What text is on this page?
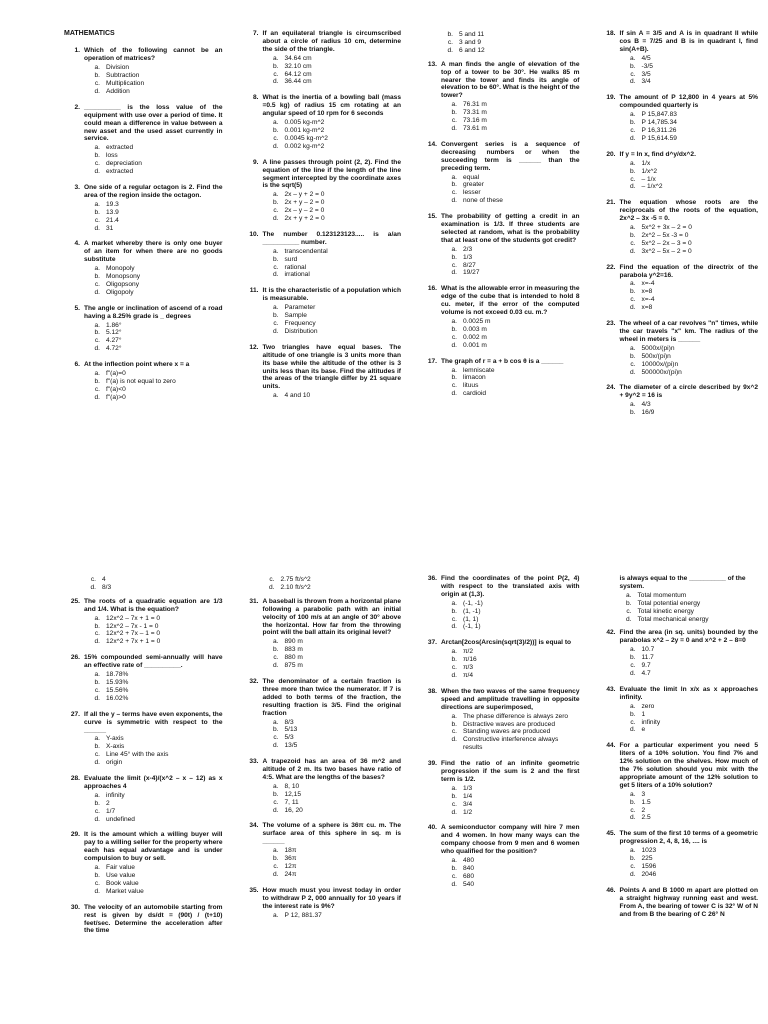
MATHEMATICS
1. Which of the following cannot be an operation of matrices?
a. Division
b. Subtraction
c. Multiplication
d. Addition
2. __________ is the loss value of the equipment with use over a period of time. It could mean a difference in value between a new asset and the used asset currently in service.
a. extracted
b. loss
c. depreciation
d. extracted
3. One side of a regular octagon is 2. Find the area of the region inside the octagon.
a. 19.3
b. 13.9
c. 21.4
d. 31
4. A market whereby there is only one buyer of an item for when there are no goods substitute
a. Monopoly
b. Monopsony
c. Oligopsony
d. Oligopoly
5. The angle or inclination of ascend of a road having a 8.25% grade is _ degrees
a. 1.86°
b. 5.12°
c. 4.27°
d. 4.72°
6. At the inflection point where x = a
a. f"(a)=0
b. f"(a) is not equal to zero
c. f"(a)<0
d. f"(a)>0
7. If an equilateral triangle is circumscribed about a circle of radius 10 cm, determine the side of the triangle.
a. 34.64 cm
b. 32.10 cm
c. 64.12 cm
d. 36.44 cm
8. What is the inertia of a bowling ball (mass =0.5 kg) of radius 15 cm rotating at an angular speed of 10 rpm for 6 seconds
a. 0.005 kg-m^2
b. 0.001 kg-m^2
c. 0.0045 kg-m^2
d. 0.002 kg-m^2
9. A line passes through point (2, 2). Find the equation of the line if the length of the line segment intercepted by the coordinate axes is the sqrt(5)
a. 2x – y + 2 = 0
b. 2x + y – 2 = 0
c. 2x – y – 2 = 0
d. 2x + y + 2 = 0
10. The number 0.123123123..... is a/an __________ number.
a. transcendental
b. surd
c. rational
d. irrational
11. It is the characteristic of a population which is measurable.
a. Parameter
b. Sample
c. Frequency
d. Distribution
12. Two triangles have equal bases. The altitude of one triangle is 3 units more than its base while the altitude of the other is 3 units less than its base. Find the altitudes if the areas of the triangle differ by 21 square units.
a. 4 and 10
b. 5 and 11
c. 3 and 9
d. 6 and 12
13. A man finds the angle of elevation of the top of a tower to be 30°. He walks 85 m nearer the tower and finds its angle of elevation to be 60°. What is the height of the tower?
a. 76.31 m
b. 73.31 m
c. 73.16 m
d. 73.61 m
14. Convergent series is a sequence of decreasing numbers or when the succeeding term is ______ than the preceding term.
a. equal
b. greater
c. lesser
d. none of these
15. The probability of getting a credit in an examination is 1/3. If three students are selected at random, what is the probability that at least one of the students got credit?
a. 2/3
b. 1/3
c. 8/27
d. 19/27
16. What is the allowable error in measuring the edge of the cube that is intended to hold 8 cu. meter, if the error of the computed volume is not exceed 0.03 cu. m.?
a. 0.0025 m
b. 0.003 m
c. 0.002 m
d. 0.001 m
17. The graph of r = a + b cos θ is a ______
a. lemniscate
b. limacon
c. lituus
d. cardioid
18. If sin A = 3/5 and A is in quadrant II while cos B = 7/25 and B is in quadrant I, find sin(A+B).
a. 4/5
b. -3/5
c. 3/5
d. 3/4
19. The amount of P 12,800 in 4 years at 5% compounded quarterly is
a. P 15,847.83
b. P 14,785.34
c. P 16,311.26
d. P 15,614.59
20. If y = ln x, find d^y/dx^2.
a. 1/x
b. 1/x^2
c. – 1/x
d. – 1/x^2
21. The equation whose roots are the reciprocals of the roots of the equation, 2x^2 – 3x -5 = 0.
a. 5x^2 + 3x – 2 = 0
b. 2x^2 – 5x -3 = 0
c. 5x^2 – 2x – 3 = 0
d. 3x^2 – 5x – 2 = 0
22. Find the equation of the directrix of the parabola y^2=16.
a. x=-4
b. x=8
c. x=-4
d. x=8
23. The wheel of a car revolves "n" times, while the car travels "x" km. The radius of the wheel in meters is ______
a. 5000x/(pi)n
b. 500x/(pi)n
c. 10000x/(pi)n
d. 500000x/(pi)n
24. The diameter of a circle described by 9x^2 + 9y^2 = 16 is
a. 4/3
b. 16/9
c. 4
d. 8/3
25. The roots of a quadratic equation are 1/3 and 1/4. What is the equation?
a. 12x^2 – 7x + 1 = 0
b. 12x^2 – 7x - 1 = 0
c. 12x^2 + 7x – 1 = 0
d. 12x^2 + 7x + 1 = 0
26. 15% compounded semi-annually will have an effective rate of __________.
a. 18.78%
b. 15.93%
c. 15.56%
d. 16.02%
27. If all the y – terms have even exponents, the curve is symmetric with respect to the ______
a. Y-axis
b. X-axis
c. Line 45° with the axis
d. origin
28. Evaluate the limit (x-4)/(x^2 – x – 12) as x approaches 4
a. infinity
b. 2
c. 1/7
d. undefined
29. It is the amount which a willing buyer will pay to a willing seller for the property where each has equal advantage and is under compulsion to buy or sell.
a. Fair value
b. Use value
c. Book value
d. Market value
30. The velocity of an automobile starting from rest is given by ds/dt = (90t) / (t+10) feet/sec. Determine the acceleration after the time
c. 2.75 ft/s^2
d. 2.10 ft/s^2
31. A baseball is thrown from a horizontal plane following a parabolic path with an initial velocity of 100 m/s at an angle of 30° above the horizontal. How far from the throwing point will the ball attain its original level?
a. 890 m
b. 883 m
c. 880 m
d. 875 m
32. The denominator of a certain fraction is three more than twice the numerator. If 7 is added to both terms of the fraction, the resulting fraction is 3/5. Find the original fraction
a. 8/3
b. 5/13
c. 5/3
d. 13/5
33. A trapezoid has an area of 36 m^2 and altitude of 2 m. Its two bases have ratio of 4:5. What are the lengths of the bases?
a. 8, 10
b. 12,15
c. 7, 11
d. 16, 20
34. The volume of a sphere is 36π cu. m. The surface area of this sphere in sq. m is ______
a. 18π
b. 36π
c. 12π
d. 24π
35. How much must you invest today in order to withdraw P 2, 000 annually for 10 years if the interest rate is 9%?
a. P 12, 881.37
36. Find the coordinates of the point P(2, 4) with respect to the translated axis with origin at (1,3).
a. (-1, -1)
b. (1, -1)
c. (1, 1)
d. (-1, 1)
37. Arctan[2cos(Arcsin(sqrt(3)/2))] is equal to
a. π/2
b. π/16
c. π/3
d. π/4
38. When the two waves of the same frequency speed and amplitude travelling in opposite directions are superimposed,
a. The phase difference is always zero
b. Distractive waves are produced
c. Standing waves are produced
d. Constructive interference always results
39. Find the ratio of an infinite geometric progression if the sum is 2 and the first term is 1/2.
a. 1/3
b. 1/4
c. 3/4
d. 1/2
40. A semiconductor company will hire 7 men and 4 women. In how many ways can the company choose from 9 men and 6 women who qualified for the position?
a. 480
b. 840
c. 680
d. 540
is always equal to the __________ of the system.
a. Total momentum
b. Total potential energy
c. Total kinetic energy
d. Total mechanical energy
42. Find the area (in sq. units) bounded by the parabolas x^2 – 2y = 0 and x^2 + 2 – 8=0
a. 10.7
b. 11.7
c. 9.7
d. 4.7
43. Evaluate the limit ln x/x as x approaches infinity.
a. zero
b. 1
c. infinity
d. e
44. For a particular experiment you need 5 liters of a 10% solution. You find 7% and 12% solution on the shelves. How much of the 7% solution should you mix with the appropriate amount of the 12% solution to get 5 liters of a 10% solution?
a. 3
b. 1.5
c. 2
d. 2.5
45. The sum of the first 10 terms of a geometric progression 2, 4, 8, 16, .... is
a. 1023
b. 225
c. 1596
d. 2046
46. Points A and B 1000 m apart are plotted on a straight highway running east and west. From A, the bearing of tower C is 32° W of N and from B the bearing of C 26° N
